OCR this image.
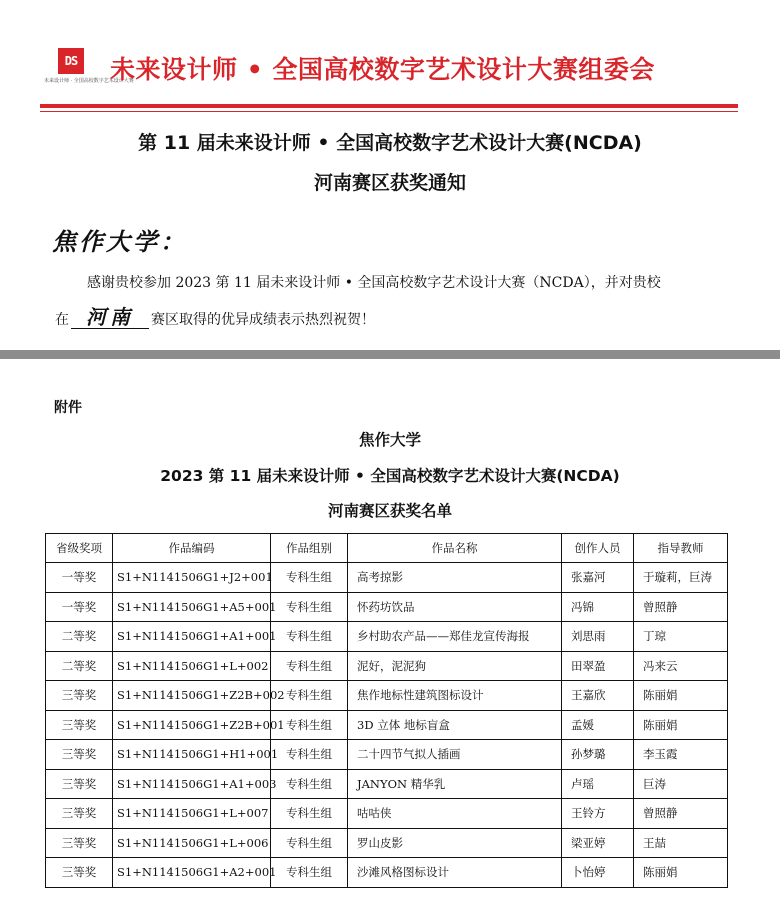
DS
未来设计师 · 全国高校数字艺术设计大赛
未来设计师 • 全国高校数字艺术设计大赛组委会
第 11 届未来设计师 • 全国高校数字艺术设计大赛(NCDA)
河南赛区获奖通知
焦作大学：
感谢贵校参加 2023 第 11 届未来设计师 • 全国高校数字艺术设计大赛（NCDA），并对贵校
在 河南 赛区取得的优异成绩表示热烈祝贺！
附件
焦作大学
2023 第 11 届未来设计师 • 全国高校数字艺术设计大赛(NCDA)
河南赛区获奖名单
省级奖项	作品编码	作品组别	作品名称	创作人员	指导教师
一等奖	S1+N1141506G1+J2+001	专科生组	高考掠影	张嘉河	于璇莉，巨涛
一等奖	S1+N1141506G1+A5+001	专科生组	怀药坊饮品	冯锦	曾照静
二等奖	S1+N1141506G1+A1+001	专科生组	乡村助农产品——郑佳龙宣传海报	刘思雨	丁琼
二等奖	S1+N1141506G1+L+002	专科生组	泥好，泥泥狗	田翠盈	冯来云
三等奖	S1+N1141506G1+Z2B+002	专科生组	焦作地标性建筑图标设计	王嘉欣	陈丽娟
三等奖	S1+N1141506G1+Z2B+001	专科生组	3D 立体 地标盲盒	孟媛	陈丽娟
三等奖	S1+N1141506G1+H1+001	专科生组	二十四节气拟人插画	孙梦璐	李玉霞
三等奖	S1+N1141506G1+A1+003	专科生组	JANYON 精华乳	卢瑶	巨涛
三等奖	S1+N1141506G1+L+007	专科生组	咕咕侠	王铃方	曾照静
三等奖	S1+N1141506G1+L+006	专科生组	罗山皮影	梁亚婷	王喆
三等奖	S1+N1141506G1+A2+001	专科生组	沙滩风格图标设计	卜怡婷	陈丽娟
